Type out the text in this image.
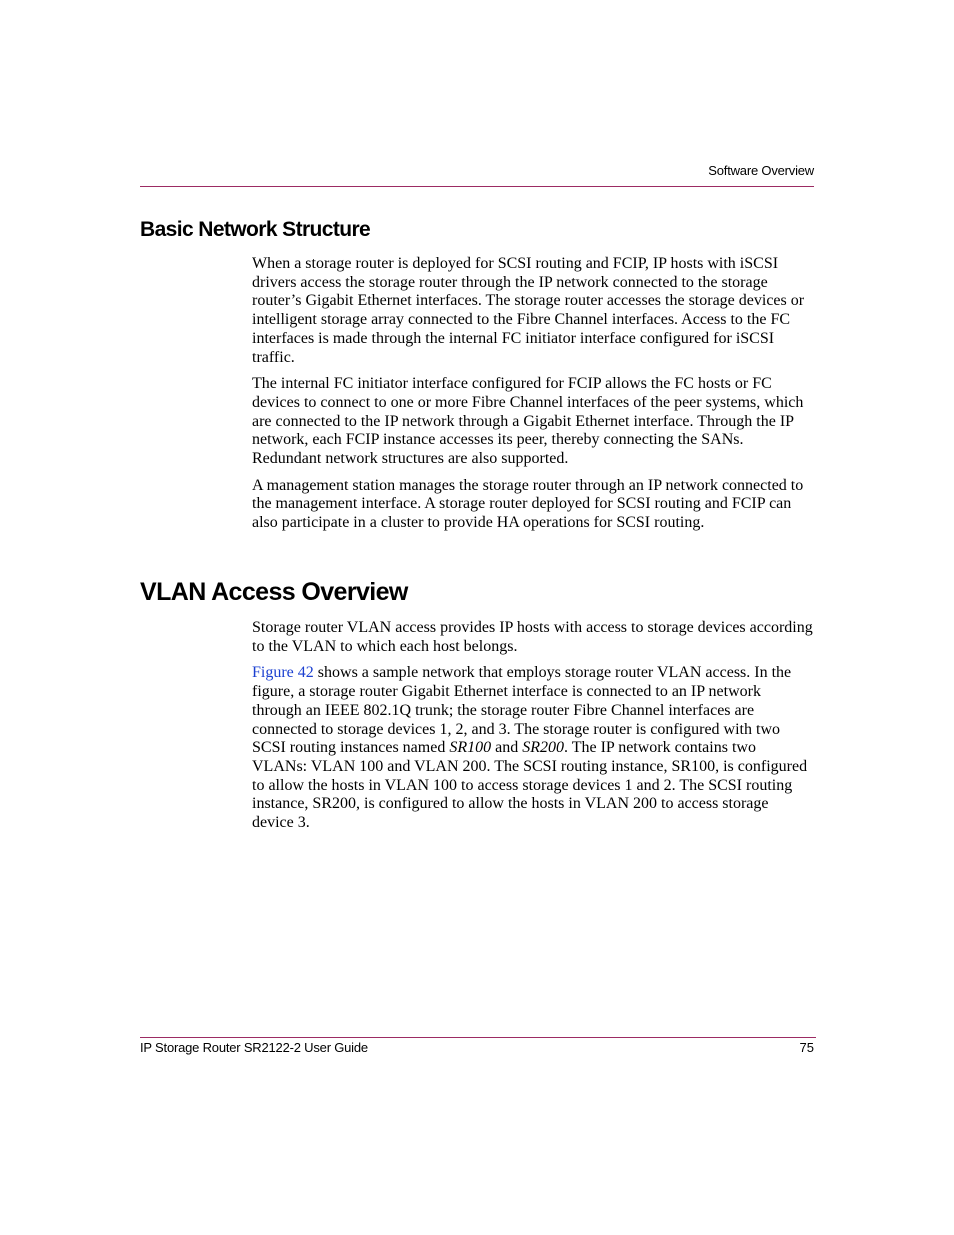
Software Overview
Basic Network Structure

When a storage router is deployed for SCSI routing and FCIP, IP hosts with iSCSI drivers access the storage router through the IP network connected to the storage router’s Gigabit Ethernet interfaces. The storage router accesses the storage devices or intelligent storage array connected to the Fibre Channel interfaces. Access to the FC interfaces is made through the internal FC initiator interface configured for iSCSI traffic.

The internal FC initiator interface configured for FCIP allows the FC hosts or FC devices to connect to one or more Fibre Channel interfaces of the peer systems, which are connected to the IP network through a Gigabit Ethernet interface. Through the IP network, each FCIP instance accesses its peer, thereby connecting the SANs. Redundant network structures are also supported.

A management station manages the storage router through an IP network connected to the management interface. A storage router deployed for SCSI routing and FCIP can also participate in a cluster to provide HA operations for SCSI routing.

VLAN Access Overview

Storage router VLAN access provides IP hosts with access to storage devices according to the VLAN to which each host belongs.

Figure 42 shows a sample network that employs storage router VLAN access. In the figure, a storage router Gigabit Ethernet interface is connected to an IP network through an IEEE 802.1Q trunk; the storage router Fibre Channel interfaces are connected to storage devices 1, 2, and 3. The storage router is configured with two SCSI routing instances named SR100 and SR200. The IP network contains two VLANs: VLAN 100 and VLAN 200. The SCSI routing instance, SR100, is configured to allow the hosts in VLAN 100 to access storage devices 1 and 2. The SCSI routing instance, SR200, is configured to allow the hosts in VLAN 200 to access storage device 3.

IP Storage Router SR2122-2 User Guide	75
